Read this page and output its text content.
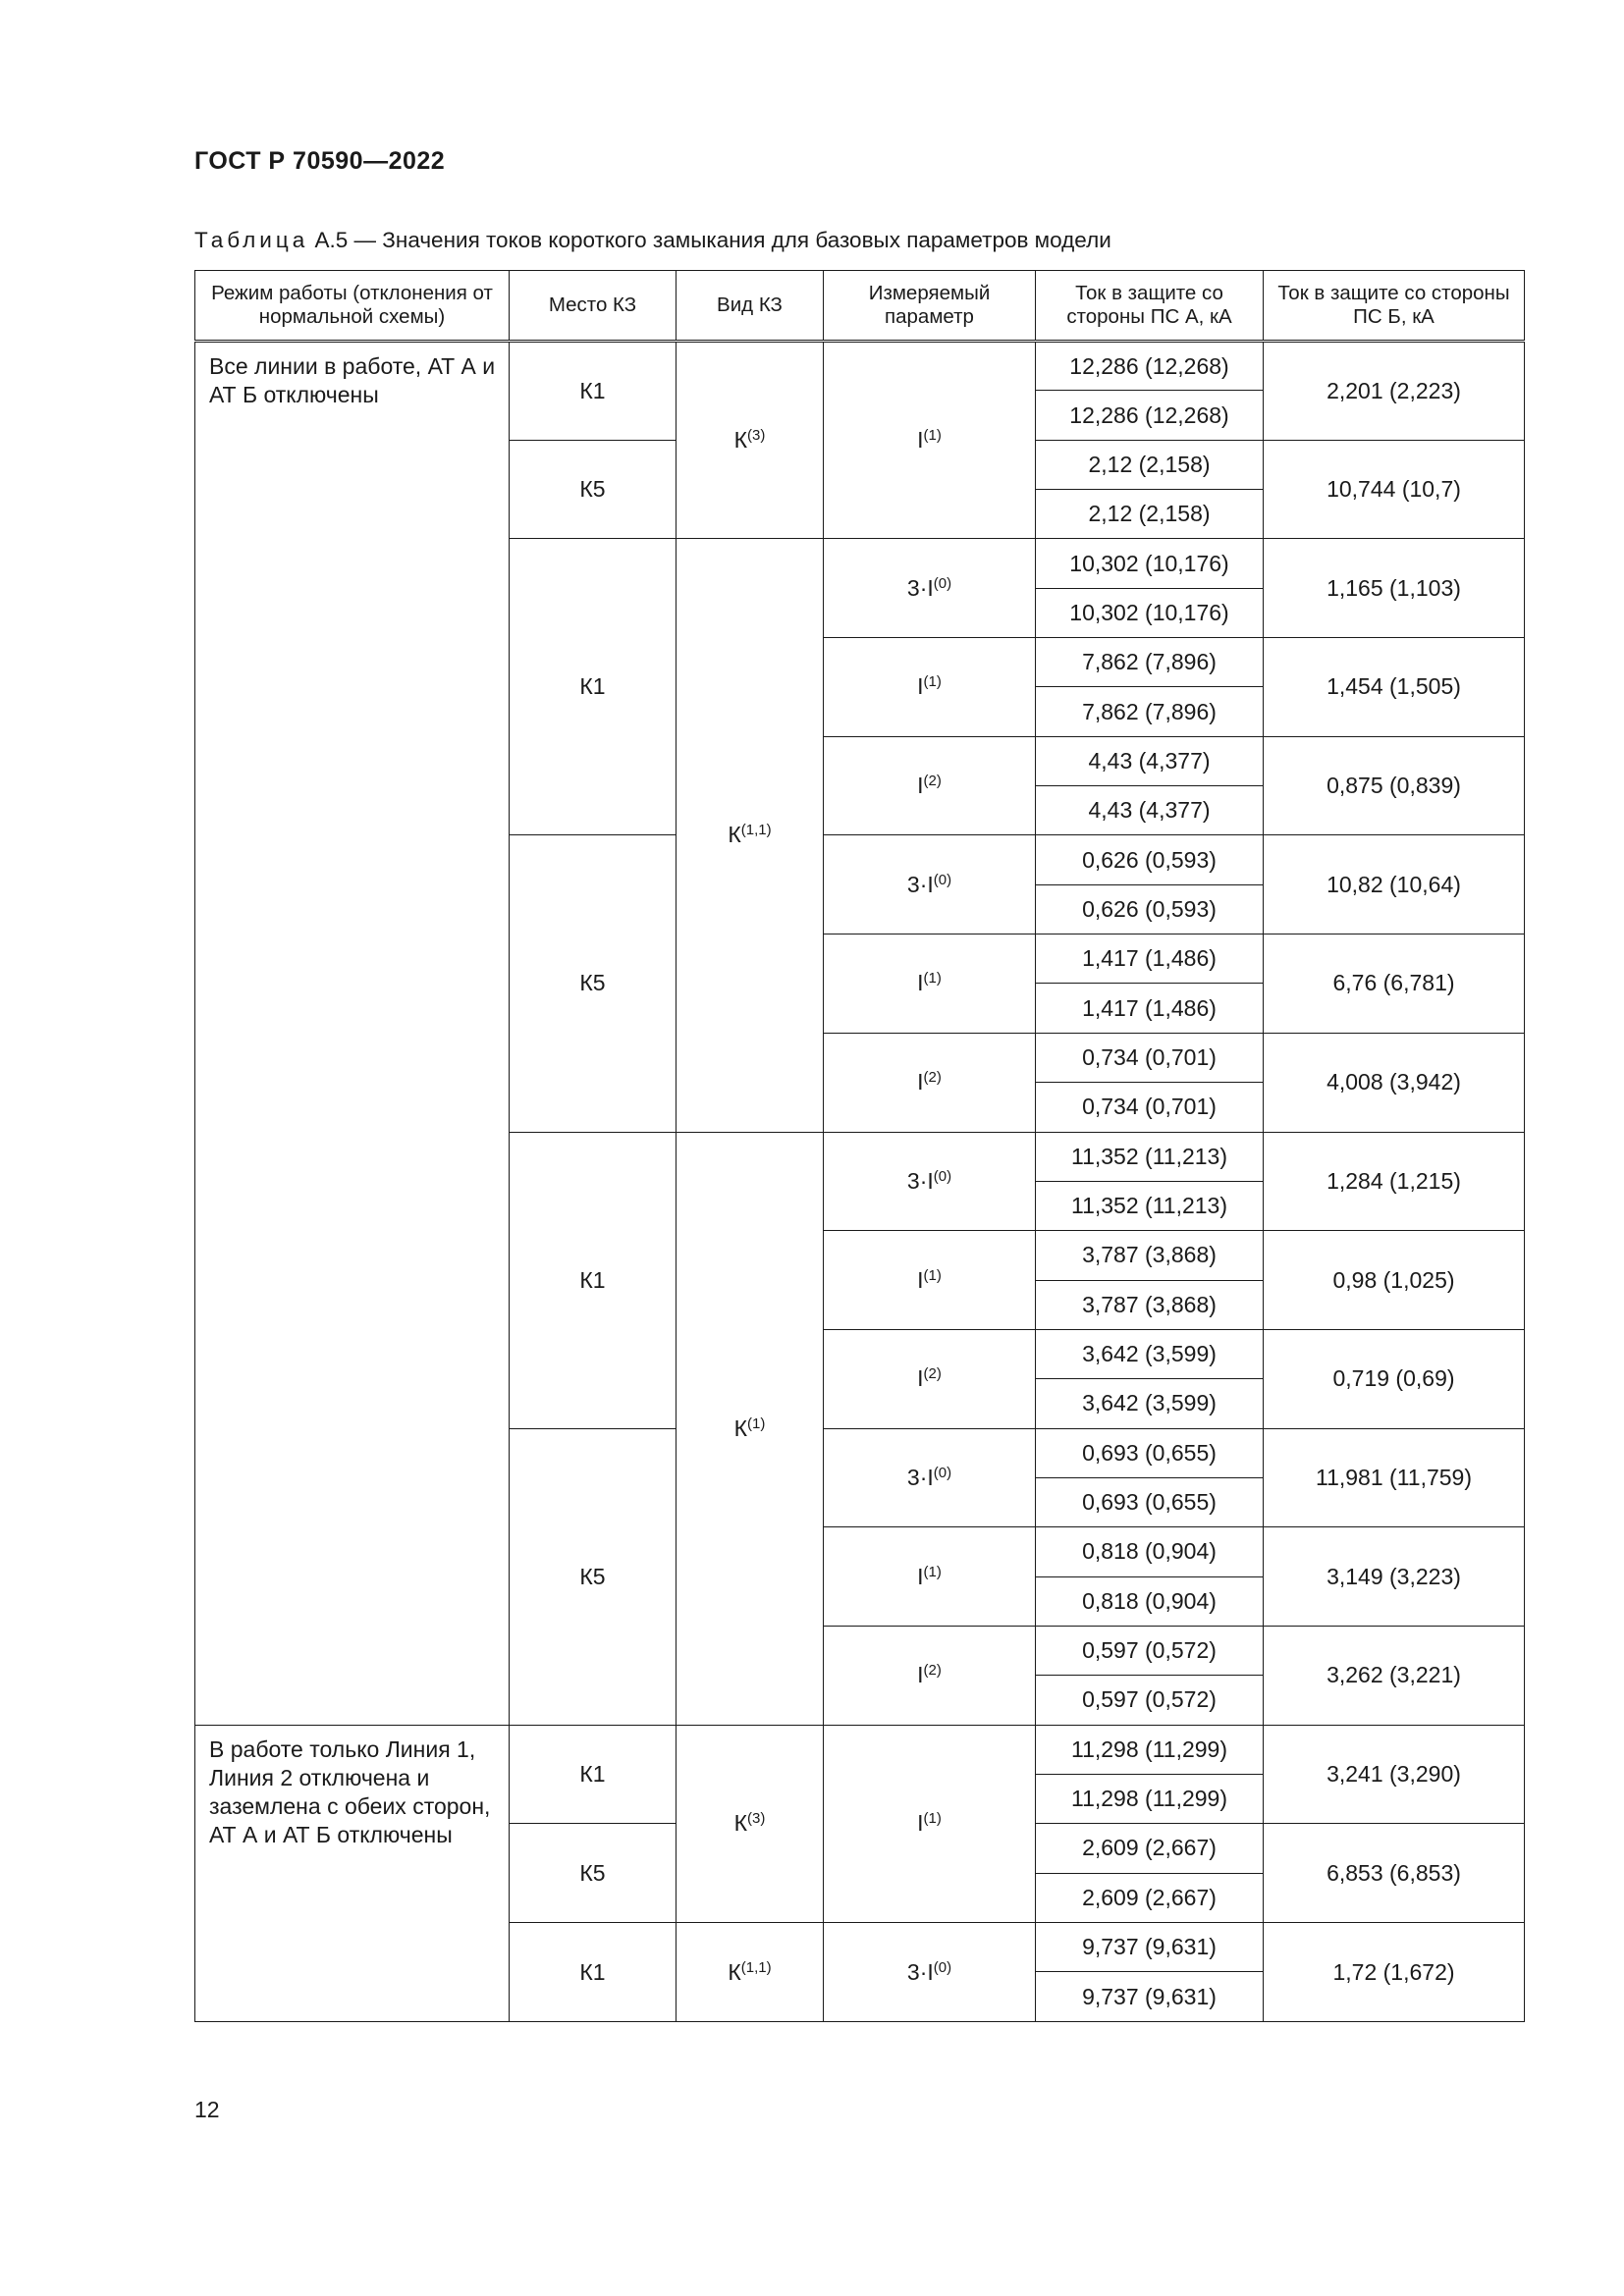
ГОСТ Р 70590—2022
Таблица А.5 — Значения токов короткого замыкания для базовых параметров модели
Режим работы (отклонения от нормальной схемы)	Место КЗ	Вид КЗ	Измеряемый параметр	Ток в защите со стороны ПС А, кА	Ток в защите со стороны ПС Б, кА
Все линии в работе, АТ А и АТ Б отключены	К1	$К^{(3)}$	$I^{(1)}$	12,286 (12,268)	2,201 (2,223)
				12,286 (12,268)	
	К5			2,12 (2,158)	10,744 (10,7)
				2,12 (2,158)	
	К1	К$^{(1,1)}$	$3\cdot I^{(0)}$	10,302 (10,176)	1,165 (1,103)
				10,302 (10,176)	
			$I^{(1)}$	7,862 (7,896)	1,454 (1,505)
				7,862 (7,896)	
			$I^{(2)}$	4,43 (4,377)	0,875 (0,839)
				4,43 (4,377)	
	К5		$3\cdot I^{(0)}$	0,626 (0,593)	10,82 (10,64)
				0,626 (0,593)	
			$I^{(1)}$	1,417 (1,486)	6,76 (6,781)
				1,417 (1,486)	
			$I^{(2)}$	0,734 (0,701)	4,008 (3,942)
				0,734 (0,701)	
	К1	$К^{(1)}$	$3\cdot I^{(0)}$	11,352 (11,213)	1,284 (1,215)
				11,352 (11,213)	
			$I^{(1)}$	3,787 (3,868)	0,98 (1,025)
				3,787 (3,868)	
			$I^{(2)}$	3,642 (3,599)	0,719 (0,69)
				3,642 (3,599)	
	К5		$3\cdot I^{(0)}$	0,693 (0,655)	11,981 (11,759)
				0,693 (0,655)	
			$I^{(1)}$	0,818 (0,904)	3,149 (3,223)
				0,818 (0,904)	
			$I^{(2)}$	0,597 (0,572)	3,262 (3,221)
				0,597 (0,572)	
В работе только Линия 1, Линия 2 отключена и заземлена с обеих сторон, АТ А и АТ Б отключены	К1	$К^{(3)}$	$I^{(1)}$	11,298 (11,299)	3,241 (3,290)
				11,298 (11,299)	
	К5			2,609 (2,667)	6,853 (6,853)
				2,609 (2,667)	
	К1	К$^{(1,1)}$	$3\cdot I^{(0)}$	9,737 (9,631)	1,72 (1,672)
				9,737 (9,631)	
12
